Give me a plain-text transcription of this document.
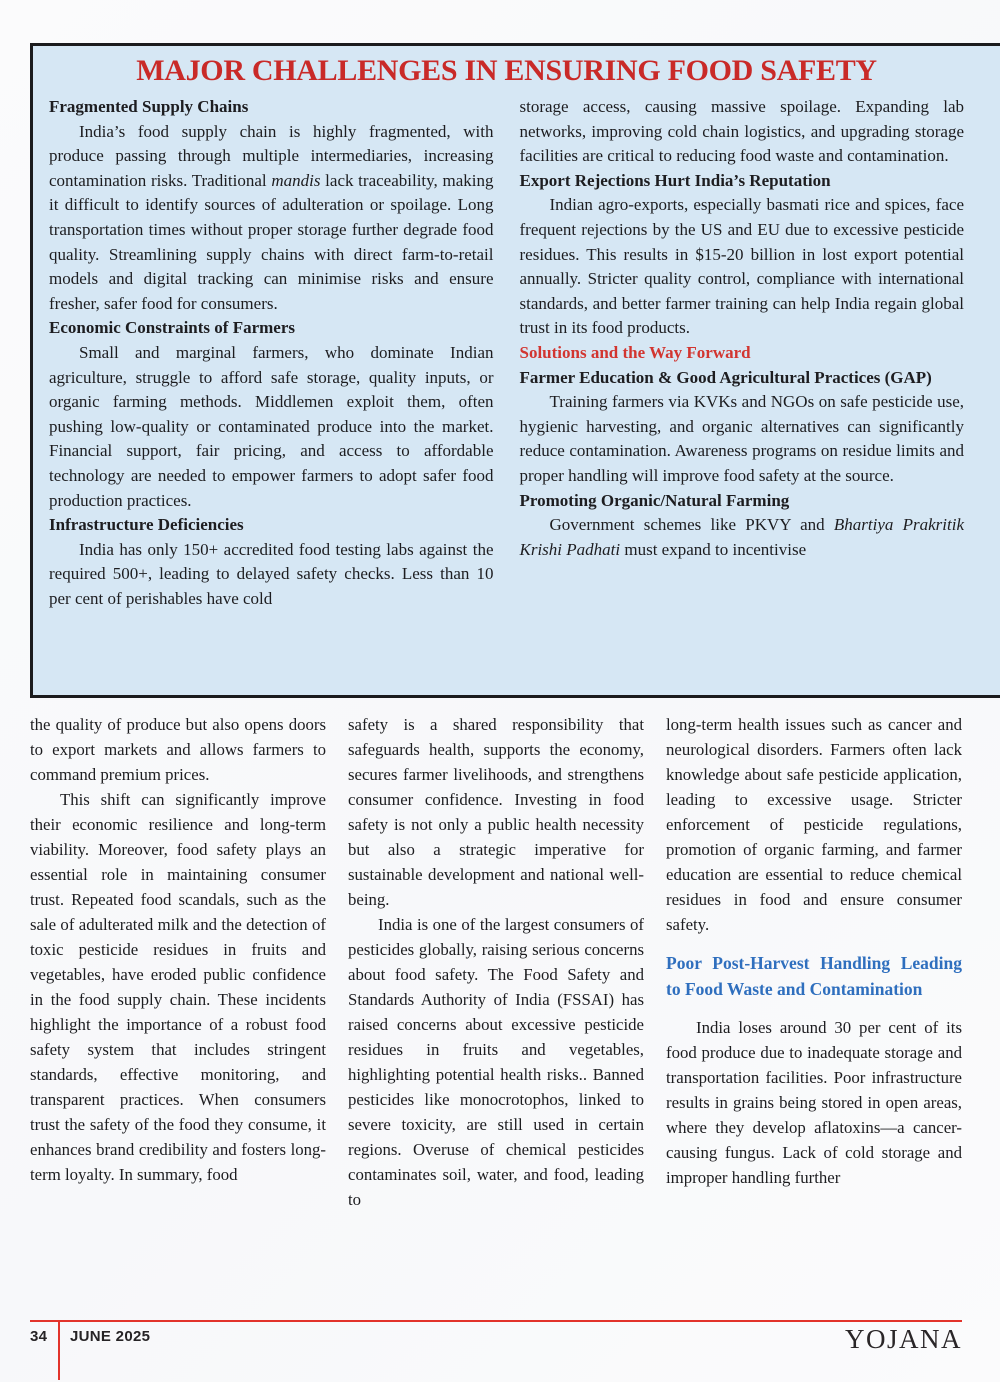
MAJOR CHALLENGES IN ENSURING FOOD SAFETY
Fragmented Supply Chains

India’s food supply chain is highly fragmented, with produce passing through multiple intermediaries, increasing contamination risks. Traditional mandis lack traceability, making it difficult to identify sources of adulteration or spoilage. Long transportation times without proper storage further degrade food quality. Streamlining supply chains with direct farm-to-retail models and digital tracking can minimise risks and ensure fresher, safer food for consumers.

Economic Constraints of Farmers

Small and marginal farmers, who dominate Indian agriculture, struggle to afford safe storage, quality inputs, or organic farming methods. Middlemen exploit them, often pushing low-quality or contaminated produce into the market. Financial support, fair pricing, and access to affordable technology are needed to empower farmers to adopt safer food production practices.

Infrastructure Deficiencies

India has only 150+ accredited food testing labs against the required 500+, leading to delayed safety checks. Less than 10 per cent of perishables have cold

storage access, causing massive spoilage. Expanding lab networks, improving cold chain logistics, and upgrading storage facilities are critical to reducing food waste and contamination.

Export Rejections Hurt India’s Reputation

Indian agro-exports, especially basmati rice and spices, face frequent rejections by the US and EU due to excessive pesticide residues. This results in $15-20 billion in lost export potential annually. Stricter quality control, compliance with international standards, and better farmer training can help India regain global trust in its food products.

Solutions and the Way Forward
Farmer Education & Good Agricultural Practices (GAP)

Training farmers via KVKs and NGOs on safe pesticide use, hygienic harvesting, and organic alternatives can significantly reduce contamination. Awareness programs on residue limits and proper handling will improve food safety at the source.

Promoting Organic/Natural Farming

Government schemes like PKVY and Bhartiya Prakritik Krishi Padhati must expand to incentivise

the quality of produce but also opens doors to export markets and allows farmers to command premium prices.

This shift can significantly improve their economic resilience and long-term viability. Moreover, food safety plays an essential role in maintaining consumer trust. Repeated food scandals, such as the sale of adulterated milk and the detection of toxic pesticide residues in fruits and vegetables, have eroded public confidence in the food supply chain. These incidents highlight the importance of a robust food safety system that includes stringent standards, effective monitoring, and transparent practices. When consumers trust the safety of the food they consume, it enhances brand credibility and fosters long-term loyalty. In summary, food

safety is a shared responsibility that safeguards health, supports the economy, secures farmer livelihoods, and strengthens consumer confidence. Investing in food safety is not only a public health necessity but also a strategic imperative for sustainable development and national well-being.

India is one of the largest consumers of pesticides globally, raising serious concerns about food safety. The Food Safety and Standards Authority of India (FSSAI) has raised concerns about excessive pesticide residues in fruits and vegetables, highlighting potential health risks.. Banned pesticides like monocrotophos, linked to severe toxicity, are still used in certain regions. Overuse of chemical pesticides contaminates soil, water, and food, leading to

long-term health issues such as cancer and neurological disorders. Farmers often lack knowledge about safe pesticide application, leading to excessive usage. Stricter enforcement of pesticide regulations, promotion of organic farming, and farmer education are essential to reduce chemical residues in food and ensure consumer safety.

Poor Post-Harvest Handling Leading to Food Waste and Contamination

India loses around 30 per cent of its food produce due to inadequate storage and transportation facilities. Poor infrastructure results in grains being stored in open areas, where they develop aflatoxins—a cancer-causing fungus. Lack of cold storage and improper handling further

34 JUNE 2025	YOJANA
